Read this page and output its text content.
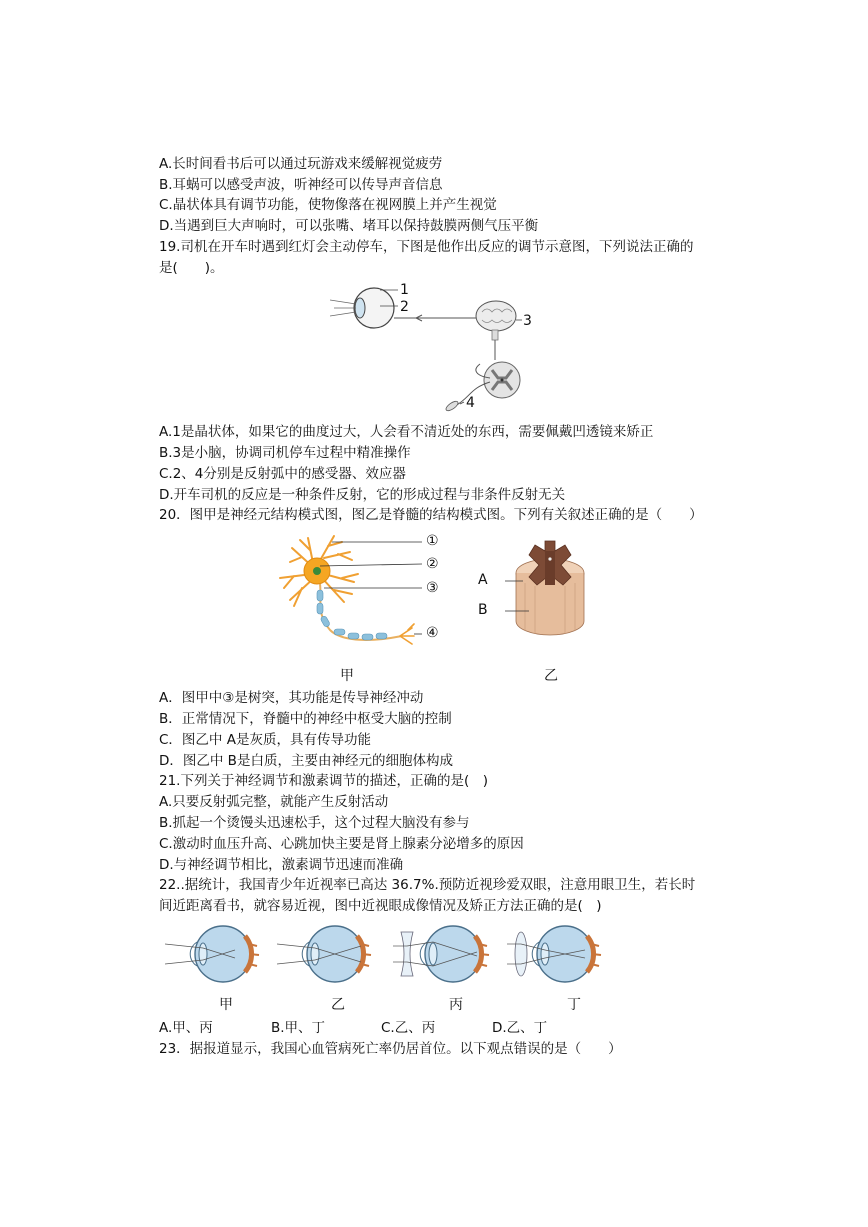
A.长时间看书后可以通过玩游戏来缓解视觉疲劳
B.耳蜗可以感受声波，听神经可以传导声音信息
C.晶状体具有调节功能，使物像落在视网膜上并产生视觉
D.当遇到巨大声响时，可以张嘴、堵耳以保持鼓膜两侧气压平衡
19.司机在开车时遇到红灯会主动停车，下图是他作出反应的调节示意图，下列说法正确的
是(　　)。
1
2
3
4
A.1是晶状体，如果它的曲度过大，人会看不清近处的东西，需要佩戴凹透镜来矫正
B.3是小脑，协调司机停车过程中精准操作
C.2、4分别是反射弧中的感受器、效应器
D.开车司机的反应是一种条件反射，它的形成过程与非条件反射无关
20．图甲是神经元结构模式图，图乙是脊髓的结构模式图。下列有关叙述正确的是（　　）
①
②
③
④
甲
A
B
乙
A．图甲中③是树突，其功能是传导神经冲动
B．正常情况下，脊髓中的神经中枢受大脑的控制
C．图乙中 A是灰质，具有传导功能
D．图乙中 B是白质，主要由神经元的细胞体构成
21.下列关于神经调节和激素调节的描述，正确的是(　)
A.只要反射弧完整，就能产生反射活动
B.抓起一个烫馒头迅速松手，这个过程大脑没有参与
C.激动时血压升高、心跳加快主要是肾上腺素分泌增多的原因
D.与神经调节相比，激素调节迅速而准确
22..据统计，我国青少年近视率已高达 36.7%.预防近视珍爱双眼，注意用眼卫生，若长时
间近距离看书，就容易近视，图中近视眼成像情况及矫正方法正确的是(　)
甲	乙	丙	丁
A.甲、丙	B.甲、丁	C.乙、丙	D.乙、丁
23．据报道显示，我国心血管病死亡率仍居首位。以下观点错误的是（　　）
